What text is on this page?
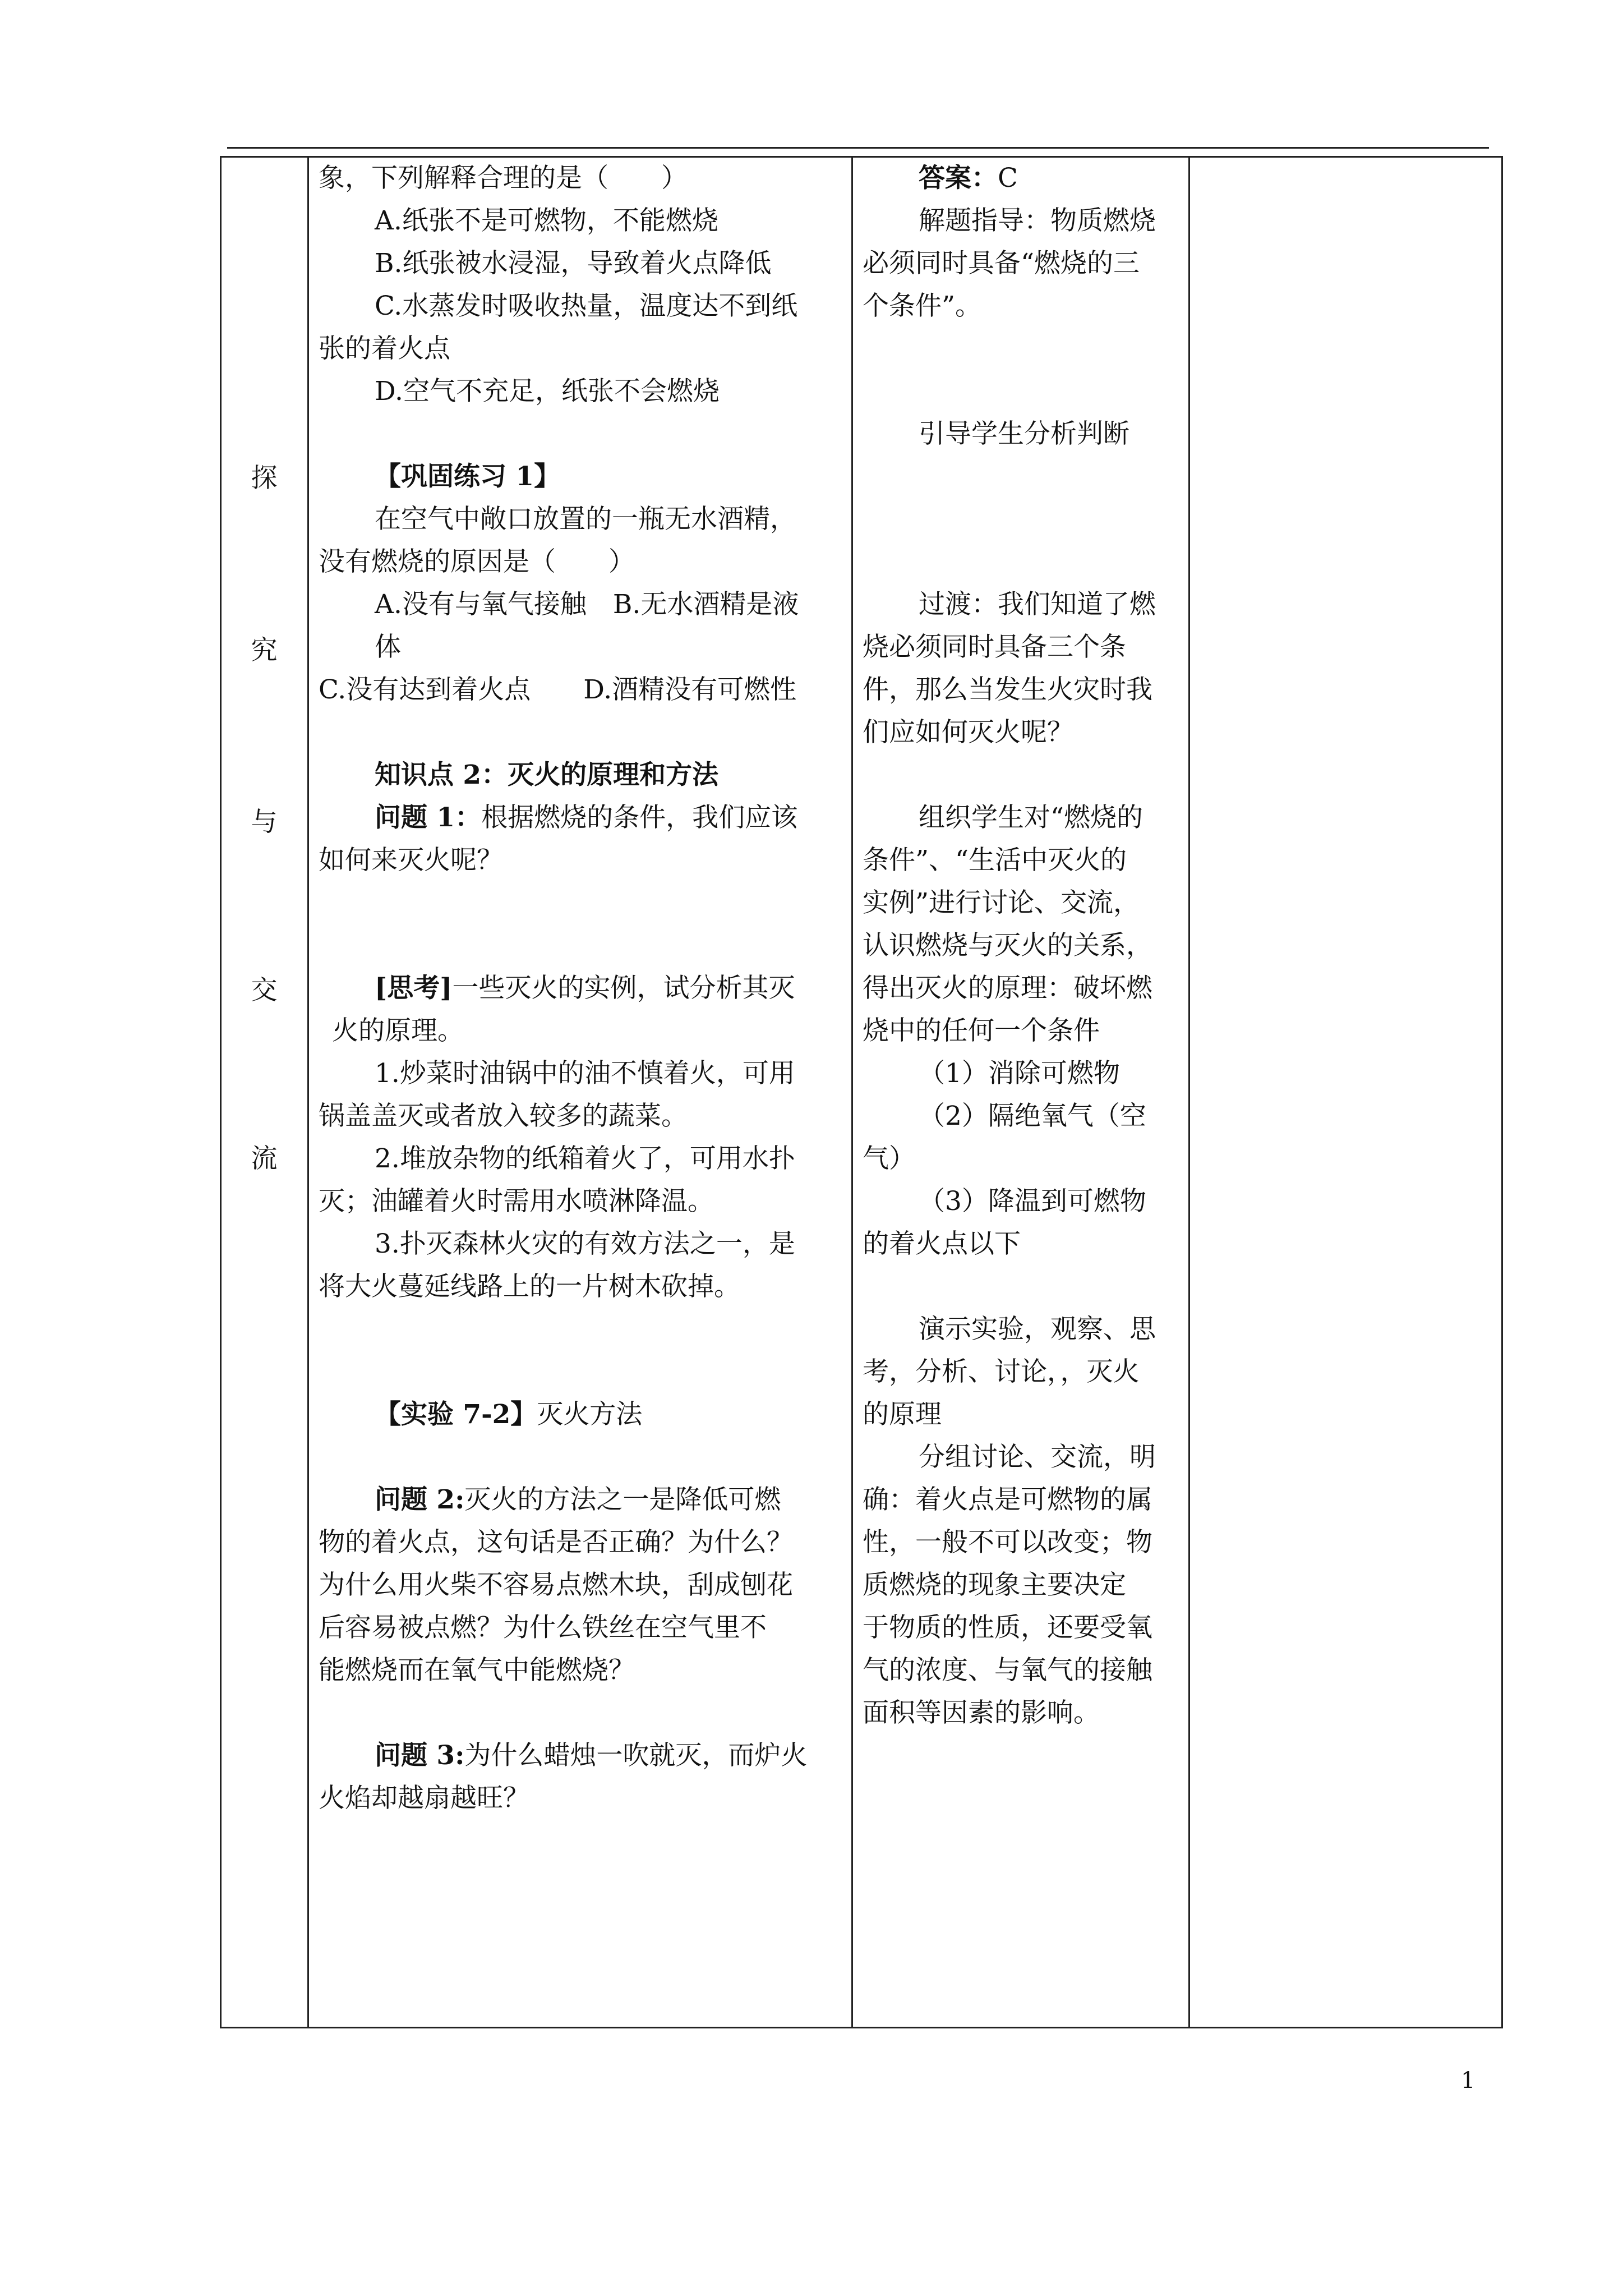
探
究
与
交
流

象，下列解释合理的是（　　）

A.纸张不是可燃物，不能燃烧

B.纸张被水浸湿，导致着火点降低

C.水蒸发时吸收热量，温度达不到纸

张的着火点

D.空气不充足，纸张不会燃烧

【巩固练习 1】

在空气中敞口放置的一瓶无水酒精，

没有燃烧的原因是（　　）

A.没有与氧气接触　B.无水酒精是液

体

C.没有达到着火点　　D.酒精没有可燃性

知识点 2：灭火的原理和方法

问题 1：根据燃烧的条件，我们应该

如何来灭火呢？

[思考]一些灭火的实例，试分析其灭

火的原理。

1.炒菜时油锅中的油不慎着火，可用

锅盖盖灭或者放入较多的蔬菜。

2.堆放杂物的纸箱着火了，可用水扑

灭；油罐着火时需用水喷淋降温。

3.扑灭森林火灾的有效方法之一，是

将大火蔓延线路上的一片树木砍掉。

【实验 7-2】灭火方法

问题 2:灭火的方法之一是降低可燃

物的着火点，这句话是否正确？为什么？

为什么用火柴不容易点燃木块，刮成刨花

后容易被点燃？为什么铁丝在空气里不

能燃烧而在氧气中能燃烧？

问题 3:为什么蜡烛一吹就灭，而炉火

火焰却越扇越旺？

答案：C

解题指导：物质燃烧

必须同时具备“燃烧的三

个条件”。

引导学生分析判断

过渡：我们知道了燃

烧必须同时具备三个条

件，那么当发生火灾时我

们应如何灭火呢？

组织学生对“燃烧的

条件”、“生活中灭火的

实例”进行讨论、交流，

认识燃烧与灭火的关系，

得出灭火的原理：破坏燃

烧中的任何一个条件

（1）消除可燃物

（2）隔绝氧气（空

气）

（3）降温到可燃物

的着火点以下

演示实验，观察、思

考，分析、讨论，，灭火

的原理

分组讨论、交流，明

确：着火点是可燃物的属

性，一般不可以改变；物

质燃烧的现象主要决定

于物质的性质，还要受氧

气的浓度、与氧气的接触

面积等因素的影响。

1
